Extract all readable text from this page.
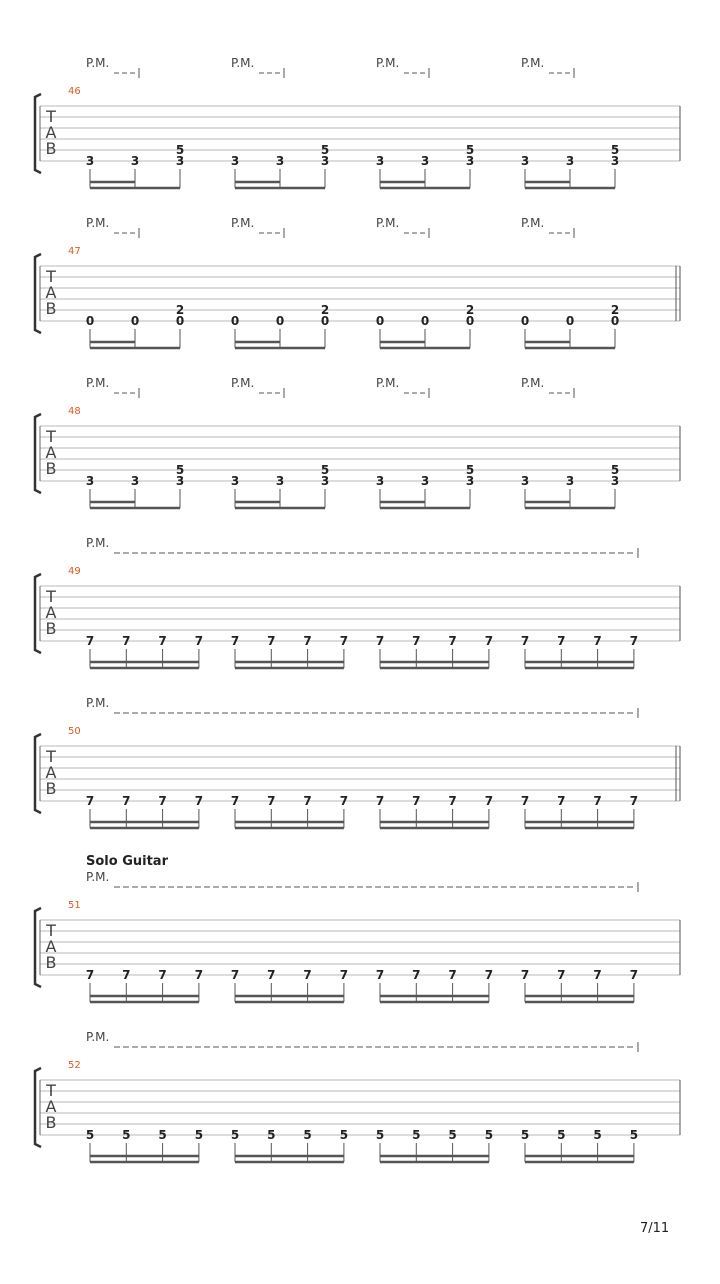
T
A
B
46
P.M.	P.M.	P.M.	P.M.
3	3	3
5
3	3	3
5
3	3	3
5
3	3	3
5
T
A
B
47
P.M.	P.M.	P.M.	P.M.
0	0	0
2
0	0	0
2
0	0	0
2
0	0	0
2
T
A
B
48
P.M.	P.M.	P.M.	P.M.
3	3	3
5
3	3	3
5
3	3	3
5
3	3	3
5
T
A
B
49
P.M.
7 7 7 7 7 7 7 7 7 7 7 7 7 7 7 7
T
A
B
50
P.M.
7 7 7 7 7 7 7 7 7 7 7 7 7 7 7 7
T
A
B
51
P.M.
7 7 7 7 7 7 7 7 7 7 7 7 7 7 7 7
T
A
B
52
P.M.
5 5 5 5 5 5 5 5 5 5 5 5 5 5 5 5
Solo Guitar
7/11
